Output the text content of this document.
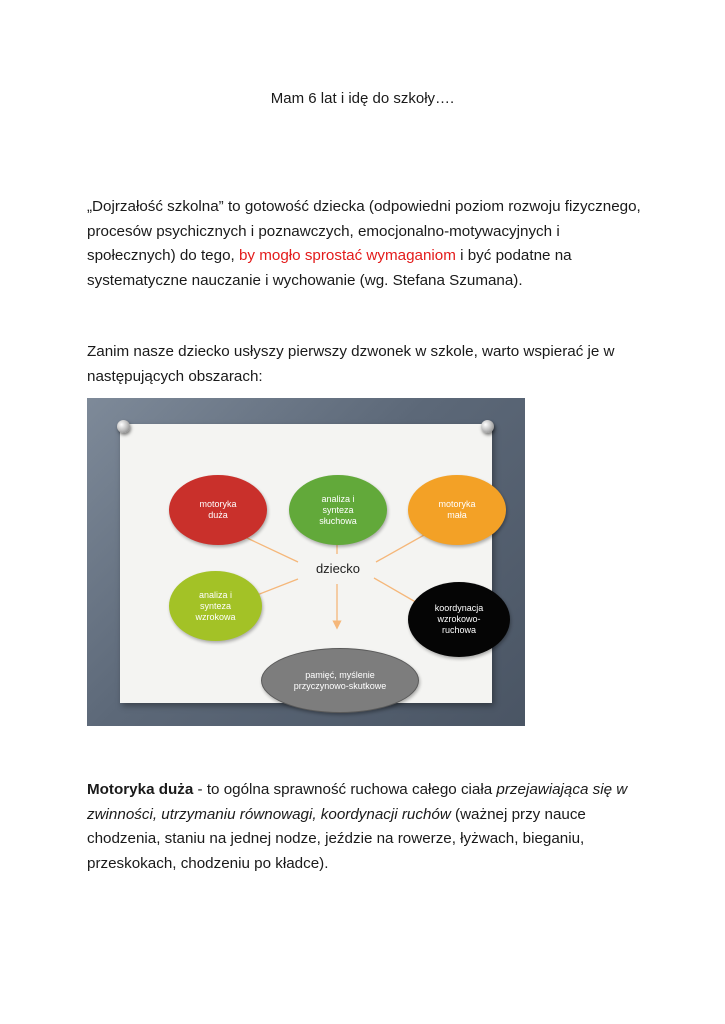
Mam 6 lat i idę do szkoły….
„Dojrzałość szkolna” to gotowość dziecka (odpowiedni poziom rozwoju fizycznego, procesów psychicznych i poznawczych, emocjonalno-motywacyjnych i społecznych) do tego, by mogło sprostać wymaganiom i być podatne na systematyczne nauczanie i wychowanie (wg. Stefana Szumana).
Zanim nasze dziecko usłyszy pierwszy dzwonek w szkole, warto wspierać je w następujących obszarach:
dziecko
motoryka
duża
analiza i
synteza
słuchowa
motoryka
mała
analiza i
synteza
wzrokowa
koordynacja
wzrokowo-
ruchowa
pamięć, myślenie
przyczynowo-skutkowe
Motoryka duża - to ogólna sprawność ruchowa całego ciała przejawiająca się w zwinności, utrzymaniu równowagi, koordynacji ruchów (ważnej przy nauce chodzenia, staniu na jednej nodze, jeździe na rowerze, łyżwach, bieganiu, przeskokach, chodzeniu po kładce).
